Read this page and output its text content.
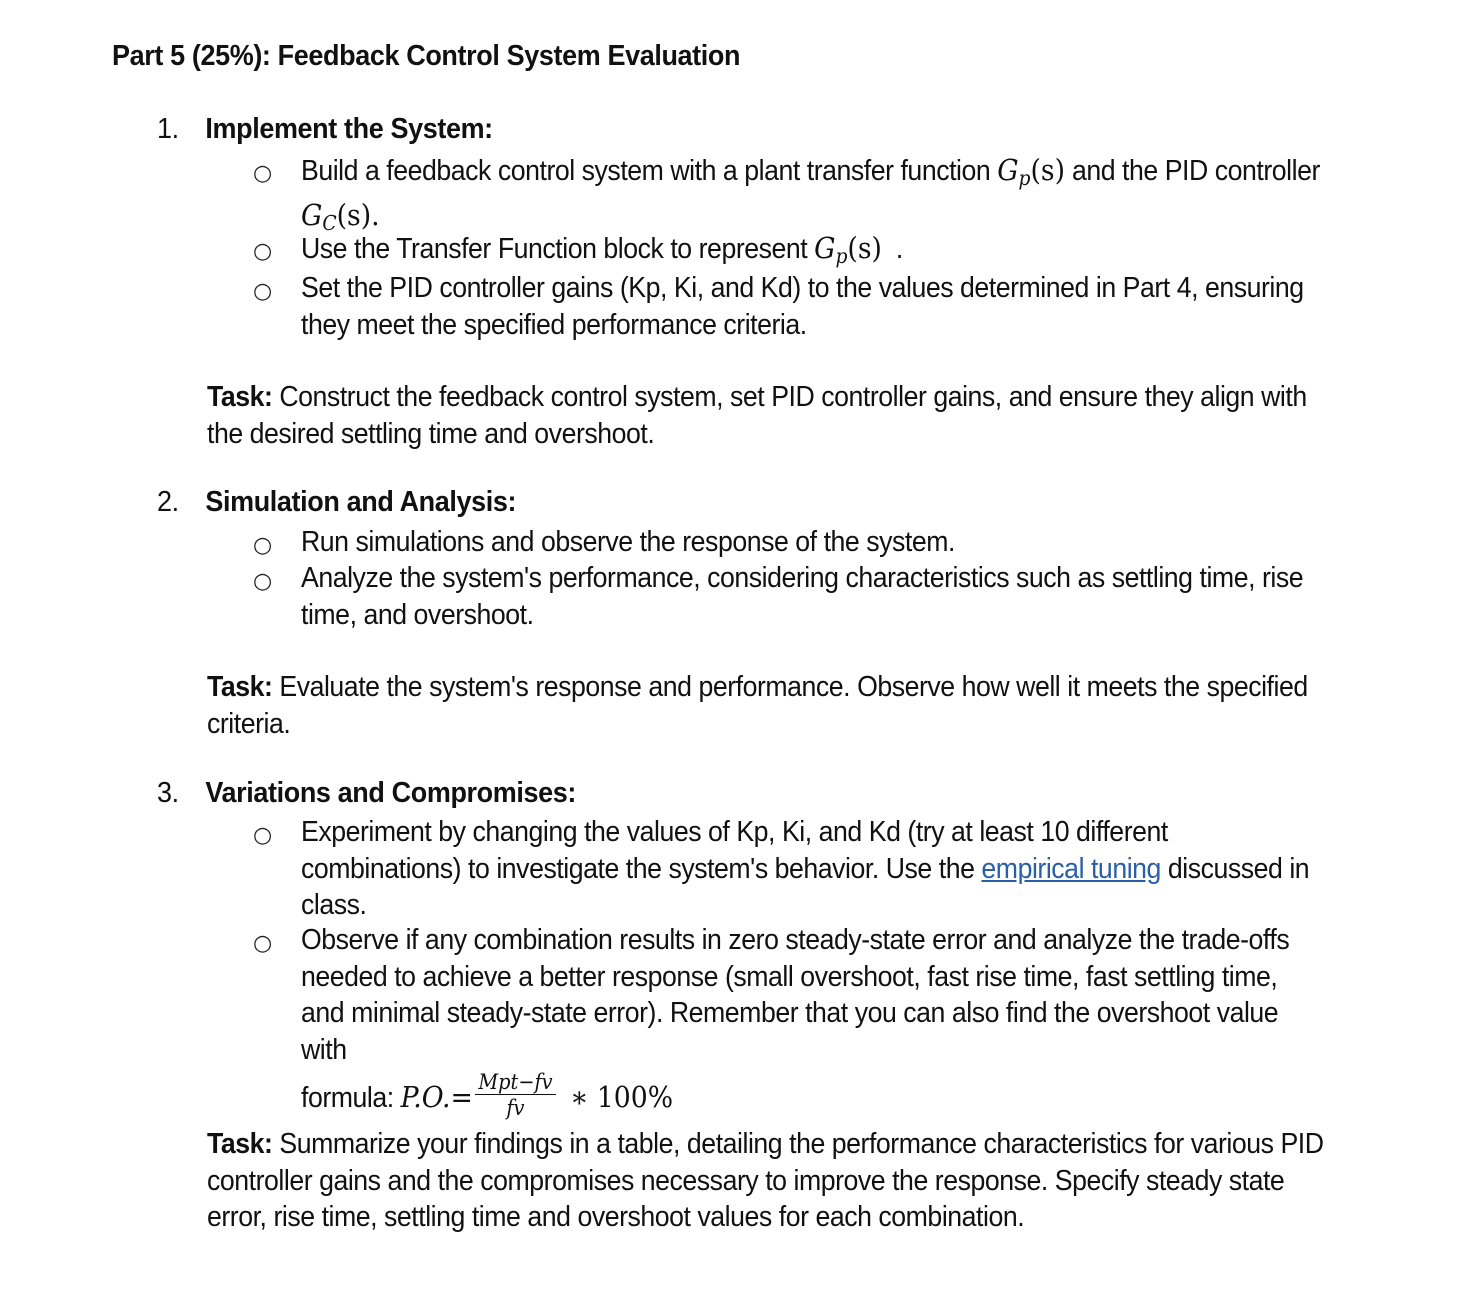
Part 5 (25%): Feedback Control System Evaluation
1. Implement the System:
○ Build a feedback control system with a plant transfer function $G_p(s)$ and the PID controller $G_C(s)$.
○ Use the Transfer Function block to represent $G_p(s)$  .
○ Set the PID controller gains (Kp, Ki, and Kd) to the values determined in Part 4, ensuring they meet the specified performance criteria.
Task: Construct the feedback control system, set PID controller gains, and ensure they align with the desired settling time and overshoot.
2. Simulation and Analysis:
○ Run simulations and observe the response of the system.
○ Analyze the system's performance, considering characteristics such as settling time, rise time, and overshoot.
Task: Evaluate the system's response and performance. Observe how well it meets the specified criteria.
3. Variations and Compromises:
○ Experiment by changing the values of Kp, Ki, and Kd (try at least 10 different combinations) to investigate the system's behavior. Use the empirical tuning discussed in class.
○ Observe if any combination results in zero steady-state error and analyze the trade-offs needed to achieve a better response (small overshoot, fast rise time, fast settling time, and minimal steady-state error). Remember that you can also find the overshoot value with
formula: $P.O.= \frac{\text{Mpt−fv}}{fv}$ ∗ 100%
Task: Summarize your findings in a table, detailing the performance characteristics for various PID controller gains and the compromises necessary to improve the response. Specify steady state error, rise time, settling time and overshoot values for each combination.
